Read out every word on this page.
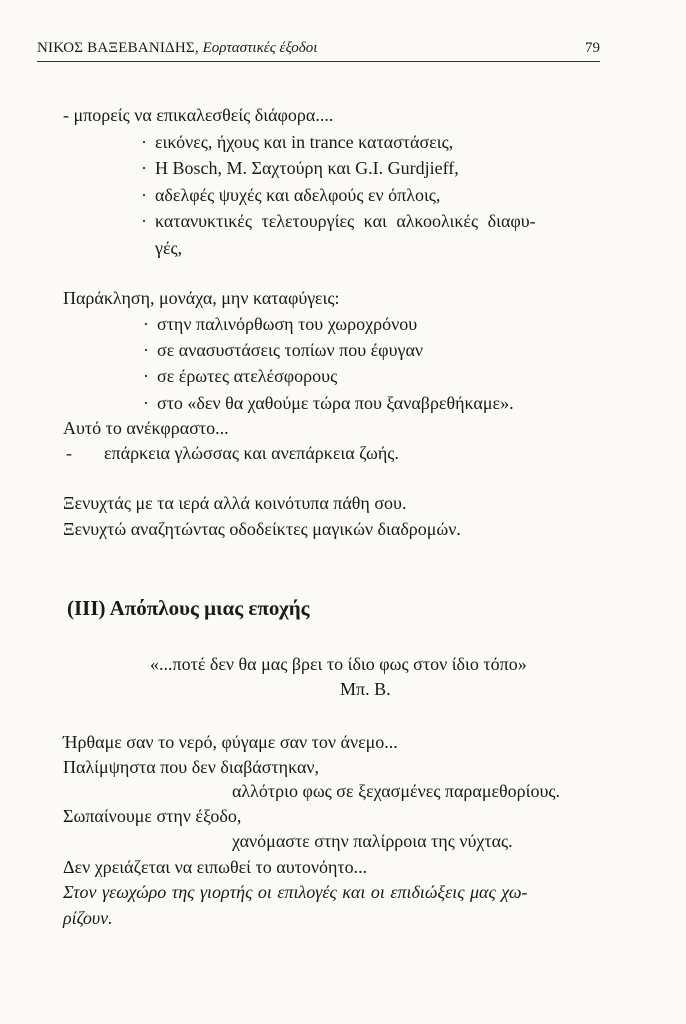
ΝΙΚΟΣ ΒΑΞΕΒΑΝΙΔΗΣ, Εορταστικές έξοδοι	79
- μπορείς να επικαλεσθείς διάφορα....
· εικόνες, ήχους και in trance καταστάσεις,
· Η Bosch, Μ. Σαχτούρη και G.I. Gurdjieff,
· αδελφές ψυχές και αδελφούς εν όπλοις,
· κατανυκτικές τελετουργίες και αλκοολικές διαφυ-
γές,
Παράκληση, μονάχα, μην καταφύγεις:
· στην παλινόρθωση του χωροχρόνου
· σε ανασυστάσεις τοπίων που έφυγαν
· σε έρωτες ατελέσφορους
· στο «δεν θα χαθούμε τώρα που ξαναβρεθήκαμε».
Αυτό το ανέκφραστο...
- επάρκεια γλώσσας και ανεπάρκεια ζωής.
Ξενυχτάς με τα ιερά αλλά κοινότυπα πάθη σου.
Ξενυχτώ αναζητώντας οδοδείκτες μαγικών διαδρομών.
(ΙΙΙ) Απόπλους μιας εποχής
«...ποτέ δεν θα μας βρει το ίδιο φως στον ίδιο τόπο»
Μπ. Β.
Ήρθαμε σαν το νερό, φύγαμε σαν τον άνεμο...
Παλίμψηστα που δεν διαβάστηκαν,
αλλότριο φως σε ξεχασμένες παραμεθορίους.
Σωπαίνουμε στην έξοδο,
χανόμαστε στην παλίρροια της νύχτας.
Δεν χρειάζεται να ειπωθεί το αυτονόητο...
Στον γεωχώρο της γιορτής οι επιλογές και οι επιδιώξεις μας χω-
ρίζουν.
